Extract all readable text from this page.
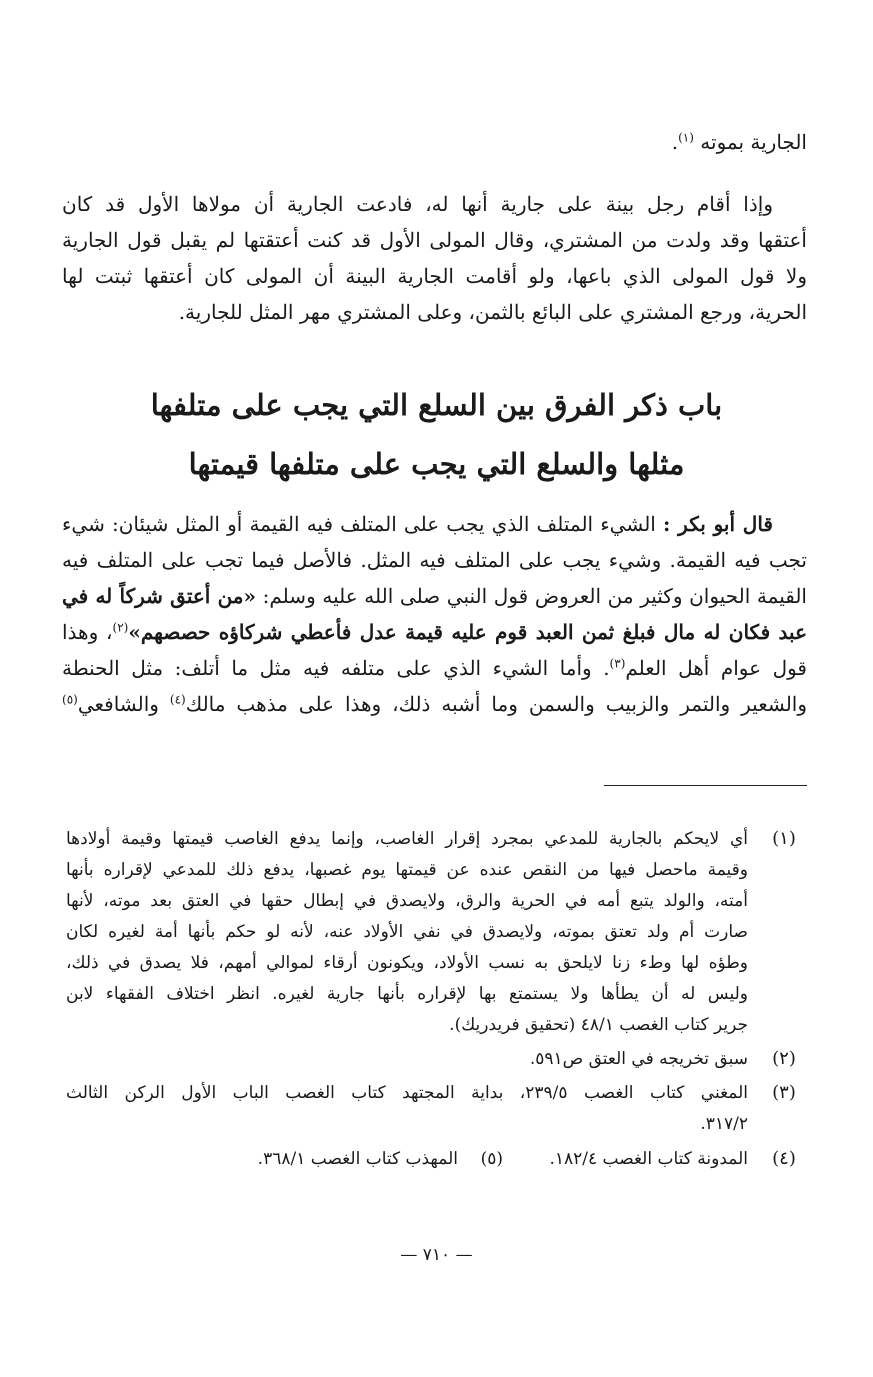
الجارية بموته $^{(١)}$.
وإذا أقام رجل بينة على جارية أنها له، فادعت الجارية أن مولاها الأول قد كان
أعتقها وقد ولدت من المشتري، وقال المولى الأول قد كنت أعتقتها لم يقبل قول الجارية
ولا قول المولى الذي باعها، ولو أقامت الجارية البينة أن المولى كان أعتقها ثبتت لها
الحرية، ورجع المشتري على البائع بالثمن، وعلى المشتري مهر المثل للجارية.
باب ذكر الفرق بين السلع التي يجب على متلفها
مثلها والسلع التي يجب على متلفها قيمتها
قال أبو بكر : الشيء المتلف الذي يجب على المتلف فيه القيمة أو المثل شيئان: شيء
تجب فيه القيمة. وشيء يجب على المتلف فيه المثل. فالأصل فيما تجب على المتلف فيه
القيمة الحيوان وكثير من العروض قول النبي صلى الله عليه وسلم: «من أعتق شركاً له في
عبد فكان له مال فبلغ ثمن العبد قوم عليه قيمة عدل فأعطي شركاؤه حصصهم»$^{(٢)}$، وهذا
قول عوام أهل العلم$^{(٣)}$. وأما الشيء الذي على متلفه فيه مثل ما أتلف: مثل الحنطة
والشعير والتمر والزبيب والسمن وما أشبه ذلك، وهذا على مذهب مالك$^{(٤)}$ والشافعي$^{(٥)}$
(١)
أي لايحكم بالجارية للمدعي بمجرد إقرار الغاصب، وإنما يدفع الغاصب قيمتها وقيمة أولادها
وقيمة ماحصل فيها من النقص عنده عن قيمتها يوم غصبها، يدفع ذلك للمدعي لإقراره بأنها
أمته، والولد يتبع أمه في الحرية والرق، ولايصدق في إبطال حقها في العتق بعد موته، لأنها
صارت أم ولد تعتق بموته، ولايصدق في نفي الأولاد عنه، لأنه لو حكم بأنها أمة لغيره لكان
وطؤه لها وطء زنا لايلحق به نسب الأولاد، ويكونون أرقاء لموالي أمهم، فلا يصدق في ذلك،
وليس له أن يطأها ولا يستمتع بها لإقراره بأنها جارية لغيره. انظر اختلاف الفقهاء لابن
جرير كتاب الغصب ٤٨/١ (تحقيق فريدريك).
(٢)
سبق تخريجه في العتق ص٥٩١.
(٣)
المغني كتاب الغصب ٢٣٩/٥، بداية المجتهد كتاب الغصب الباب الأول الركن الثالث
٣١٧/٢.
(٤)
المدونة كتاب الغصب ١٨٢/٤.
(٥)
المهذب كتاب الغصب ٣٦٨/١.
— ٧١٠ —
